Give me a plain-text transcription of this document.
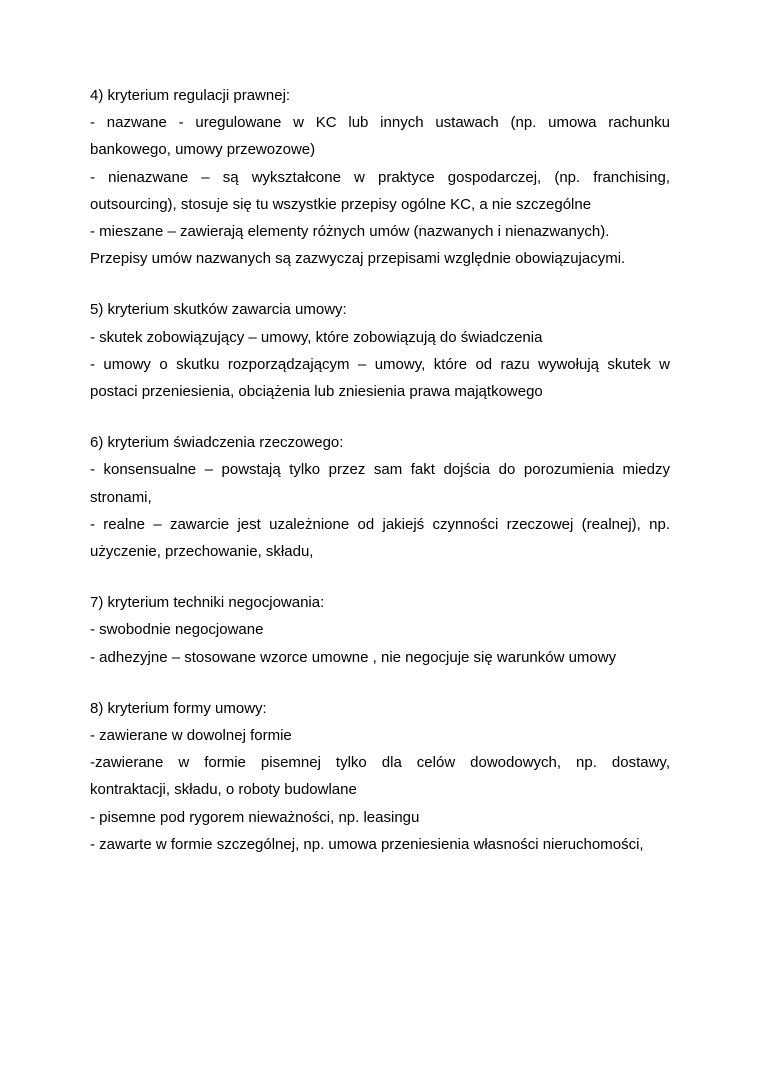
4) kryterium regulacji prawnej:
- nazwane - uregulowane w KC lub innych ustawach (np. umowa rachunku
bankowego, umowy przewozowe)
- nienazwane – są wykształcone w praktyce gospodarczej, (np. franchising,
outsourcing), stosuje się tu wszystkie przepisy ogólne KC, a nie szczególne
- mieszane – zawierają elementy różnych umów (nazwanych i nienazwanych).
Przepisy umów nazwanych są zazwyczaj przepisami względnie obowiązujacymi.
5) kryterium skutków zawarcia umowy:
- skutek zobowiązujący – umowy, które zobowiązują do świadczenia
- umowy o skutku rozporządzającym – umowy, które od razu wywołują skutek w
postaci przeniesienia, obciążenia lub zniesienia prawa majątkowego
6) kryterium świadczenia rzeczowego:
- konsensualne – powstają tylko przez sam fakt dojścia do porozumienia miedzy
stronami,
- realne – zawarcie jest uzależnione od jakiejś czynności rzeczowej (realnej), np.
użyczenie, przechowanie, składu,
7) kryterium techniki negocjowania:
- swobodnie negocjowane
- adhezyjne – stosowane wzorce umowne , nie negocjuje się warunków umowy
8) kryterium formy umowy:
- zawierane w dowolnej formie
-zawierane w formie pisemnej tylko dla celów dowodowych, np. dostawy,
kontraktacji, składu, o roboty budowlane
- pisemne pod rygorem nieważności, np. leasingu
- zawarte w formie szczególnej, np. umowa przeniesienia własności nieruchomości,
